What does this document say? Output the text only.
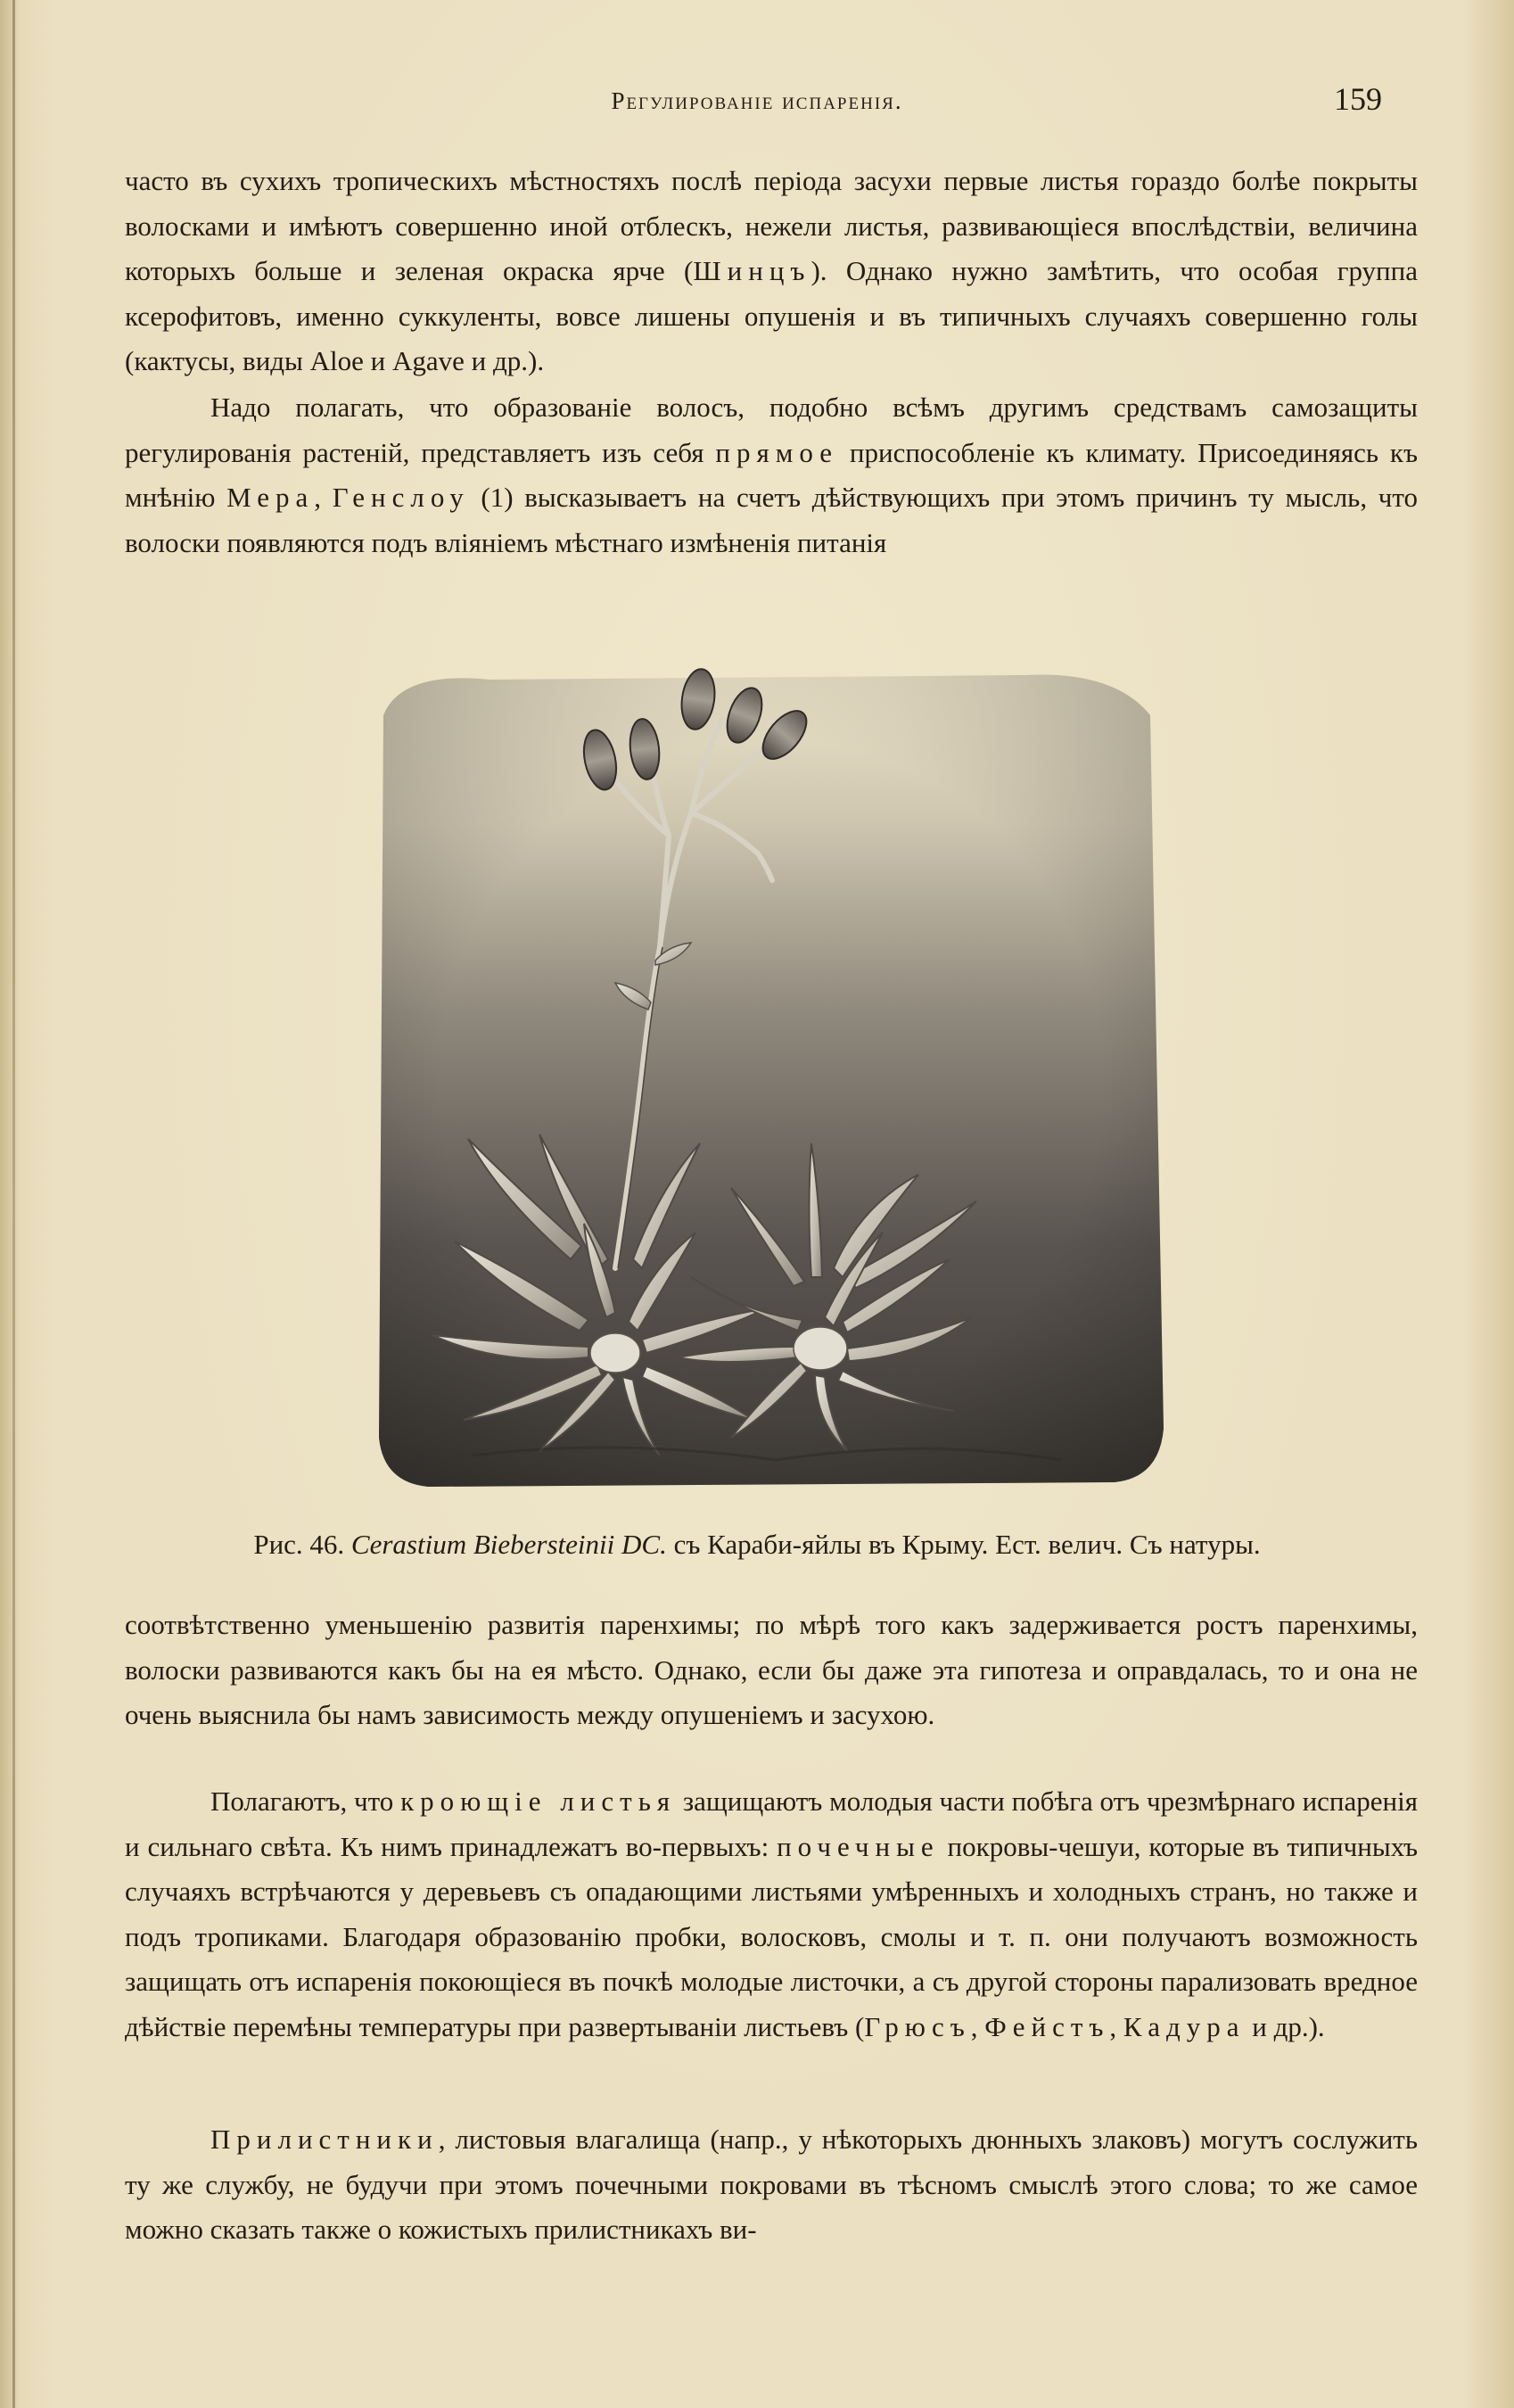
Регулированіе испаренія.	159

часто въ сухихъ тропическихъ мѣстностяхъ послѣ періода засухи первые листья гораздо болѣе покрыты волосками и имѣютъ совершенно иной отблескъ, нежели листья, развивающіеся впослѣдствіи, величина которыхъ больше и зеленая окраска ярче (Шинцъ). Однако нужно замѣтить, что особая группа ксерофитовъ, именно суккуленты, вовсе лишены опушенія и въ типичныхъ случаяхъ совершенно голы (кактусы, виды Aloe и Agave и др.).

Надо полагать, что образованіе волосъ, подобно всѣмъ другимъ средствамъ самозащиты регулированія растеній, представляетъ изъ себя прямое приспособленіе къ климату. Присоединяясь къ мнѣнію Мера, Генслоу (1) высказываетъ на счетъ дѣйствующихъ при этомъ причинъ ту мысль, что волоски появляются подъ вліяніемъ мѣстнаго измѣненія питанія

Рис. 46. Cerastium Biebersteinii DC. съ Караби-яйлы въ Крыму. Ест. велич. Съ натуры.

соотвѣтственно уменьшенію развитія паренхимы; по мѣрѣ того какъ задерживается ростъ паренхимы, волоски развиваются какъ бы на ея мѣсто. Однако, если бы даже эта гипотеза и оправдалась, то и она не очень выяснила бы намъ зависимость между опушеніемъ и засухою.

Полагаютъ, что кроющіе листья защищаютъ молодыя части побѣга отъ чрезмѣрнаго испаренія и сильнаго свѣта. Къ нимъ принадлежатъ во-первыхъ: почечные покровы-чешуи, которые въ типичныхъ случаяхъ встрѣчаются у деревьевъ съ опадающими листьями умѣренныхъ и холодныхъ странъ, но также и подъ тропиками. Благодаря образованію пробки, волосковъ, смолы и т. п. они получаютъ возможность защищать отъ испаренія покоющіеся въ почкѣ молодые листочки, а съ другой стороны парализовать вредное дѣйствіе перемѣны температуры при развертываніи листьевъ (Грюсъ, Фейстъ, Кадура и др.).

Прилистники, листовыя влагалища (напр., у нѣкоторыхъ дюнныхъ злаковъ) могутъ сослужить ту же службу, не будучи при этомъ почечными покровами въ тѣсномъ смыслѣ этого слова; то же самое можно сказать также о кожистыхъ прилистникахъ ви-
